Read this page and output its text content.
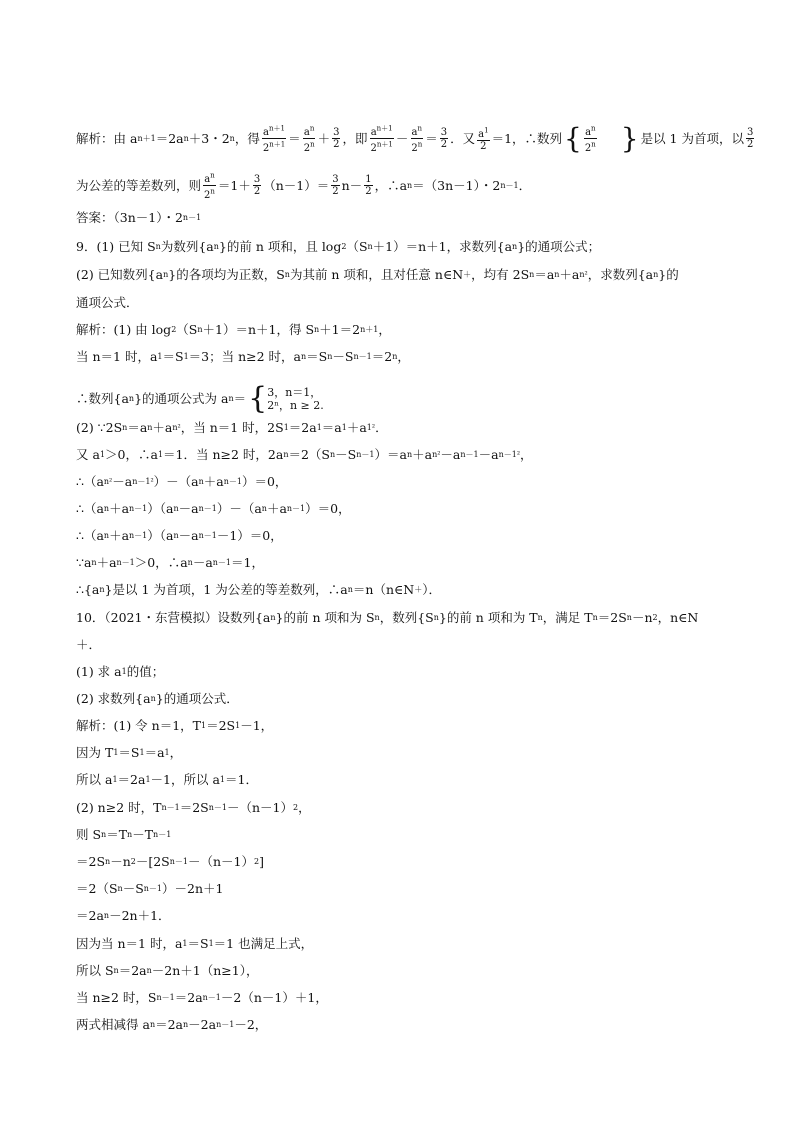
解析：由 a n＋1 ＝2a n ＋3・2 n ，得 $\frac{a^{n+1}}{2^{n+1}} = \frac{a^n}{2^n} + \frac{3}{2}$ ，即 $\frac{a^{n+1}}{2^{n+1}} - \frac{a^n}{2^n} = \frac{3}{2}$ ．又 $\frac{a^1}{2} =1$，∴数列 { $\frac{a^n}{2^n}$ } 是以 1 为首项，以 $\frac{3}{2}$
为公差的等差数列，则 $\frac{a^n}{2^n} =1+ \frac{3}{2} (n-1)= \frac{3}{2} n- \frac{1}{2}$ ，∴a n ＝（3n－1）・2 n－1 ．
答案：（3n－1）・2 n－1
9．(1) 已知 S n 为数列{a n }的前 n 项和，且 log 2 （S n ＋1）＝n＋1，求数列{a n }的通项公式；
(2) 已知数列{a n }的各项均为正数，S n 为其前 n 项和，且对任意 n∈N ＋ ，均有 2S n ＝a n ＋a n² ，求数列{a n }的
通项公式．
解析：(1) 由 log 2 （S n ＋1）＝n＋1，得 S n ＋1＝2 n＋1 ，
当 n＝1 时，a 1 ＝S 1 ＝3；当 n≥2 时，a n ＝S n －S n－1 ＝2 n ，
∴数列{a n }的通项公式为 a n ＝ { 3，n＝1，
2ⁿ，n ≥ 2.
(2) ∵2S n ＝a n ＋a n² ，当 n＝1 时，2S 1 ＝2a 1 ＝a 1 ＋a 1² ．
又 a 1 ＞0，∴a 1 ＝1．当 n≥2 时，2a n ＝2（S n －S n－1 ）＝a n ＋a n² －a n－1 －a n－1² ，
∴（a n² －a n－1² ）－（a n ＋a n－1 ）＝0，
∴（a n ＋a n－1 ）（a n －a n－1 ）－（a n ＋a n－1 ）＝0，
∴（a n ＋a n－1 ）（a n －a n－1 －1）＝0，
∵a n ＋a n－1 ＞0，∴a n －a n－1 ＝1，
∴{a n }是以 1 为首项，1 为公差的等差数列，∴a n ＝n（n∈N ＋ ）．
10．（2021・东营模拟）设数列{a n }的前 n 项和为 S n ，数列{S n }的前 n 项和为 T n ，满足 T n ＝2S n －n 2 ，n∈N
＋．
(1) 求 a 1 的值；
(2) 求数列{a n }的通项公式．
解析：(1) 令 n＝1，T 1 ＝2S 1 －1，
因为 T 1 ＝S 1 ＝a 1 ，
所以 a 1 ＝2a 1 －1，所以 a 1 ＝1．
(2) n≥2 时，T n－1 ＝2S n－1 －（n－1） 2 ，
则 S n ＝T n －T n－1
＝2S n －n 2 －[2S n－1 －（n－1） 2 ]
＝2（S n －S n－1 ）－2n＋1
＝2a n －2n＋1．
因为当 n＝1 时，a 1 ＝S 1 ＝1 也满足上式，
所以 S n ＝2a n －2n＋1（n≥1），
当 n≥2 时，S n－1 ＝2a n－1 －2（n－1）＋1，
两式相减得 a n ＝2a n －2a n－1 －2，
